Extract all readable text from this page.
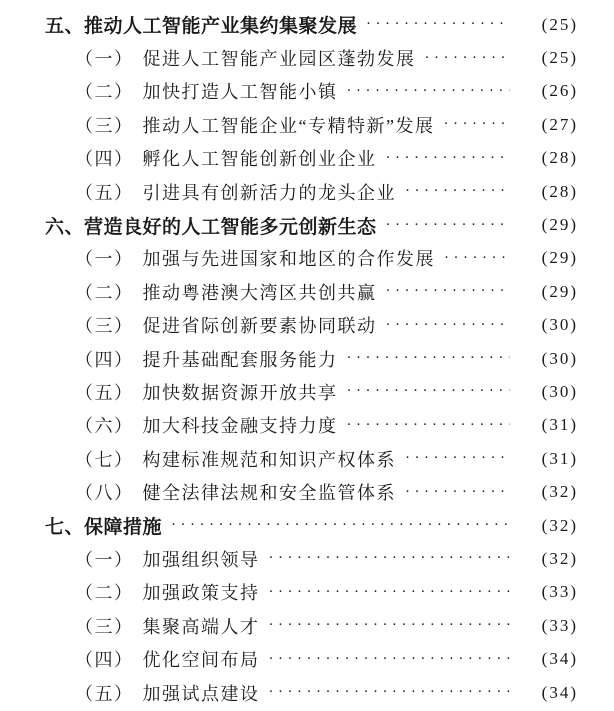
五、 推动人工智能产业集约集聚发展 ·····	(25)
（一） 促进人工智能产业园区蓬勃发展 ·····	(25)
（二） 加快打造人工智能小镇 ·····	(26)
（三） 推动人工智能企业“专精特新”发展 ·····	(27)
（四） 孵化人工智能创新创业企业 ·····	(28)
（五） 引进具有创新活力的龙头企业 ·····	(28)
六、 营造良好的人工智能多元创新生态 ·····	(29)
（一） 加强与先进国家和地区的合作发展 ·····	(29)
（二） 推动粤港澳大湾区共创共赢 ·····	(29)
（三） 促进省际创新要素协同联动 ·····	(30)
（四） 提升基础配套服务能力 ·····	(30)
（五） 加快数据资源开放共享 ·····	(30)
（六） 加大科技金融支持力度 ·····	(31)
（七） 构建标准规范和知识产权体系 ·····	(31)
（八） 健全法律法规和安全监管体系 ·····	(32)
七、 保障措施 ·····	(32)
（一） 加强组织领导 ·····	(32)
（二） 加强政策支持 ·····	(33)
（三） 集聚高端人才 ·····	(33)
（四） 优化空间布局 ·····	(34)
（五） 加强试点建设 ·····	(34)
